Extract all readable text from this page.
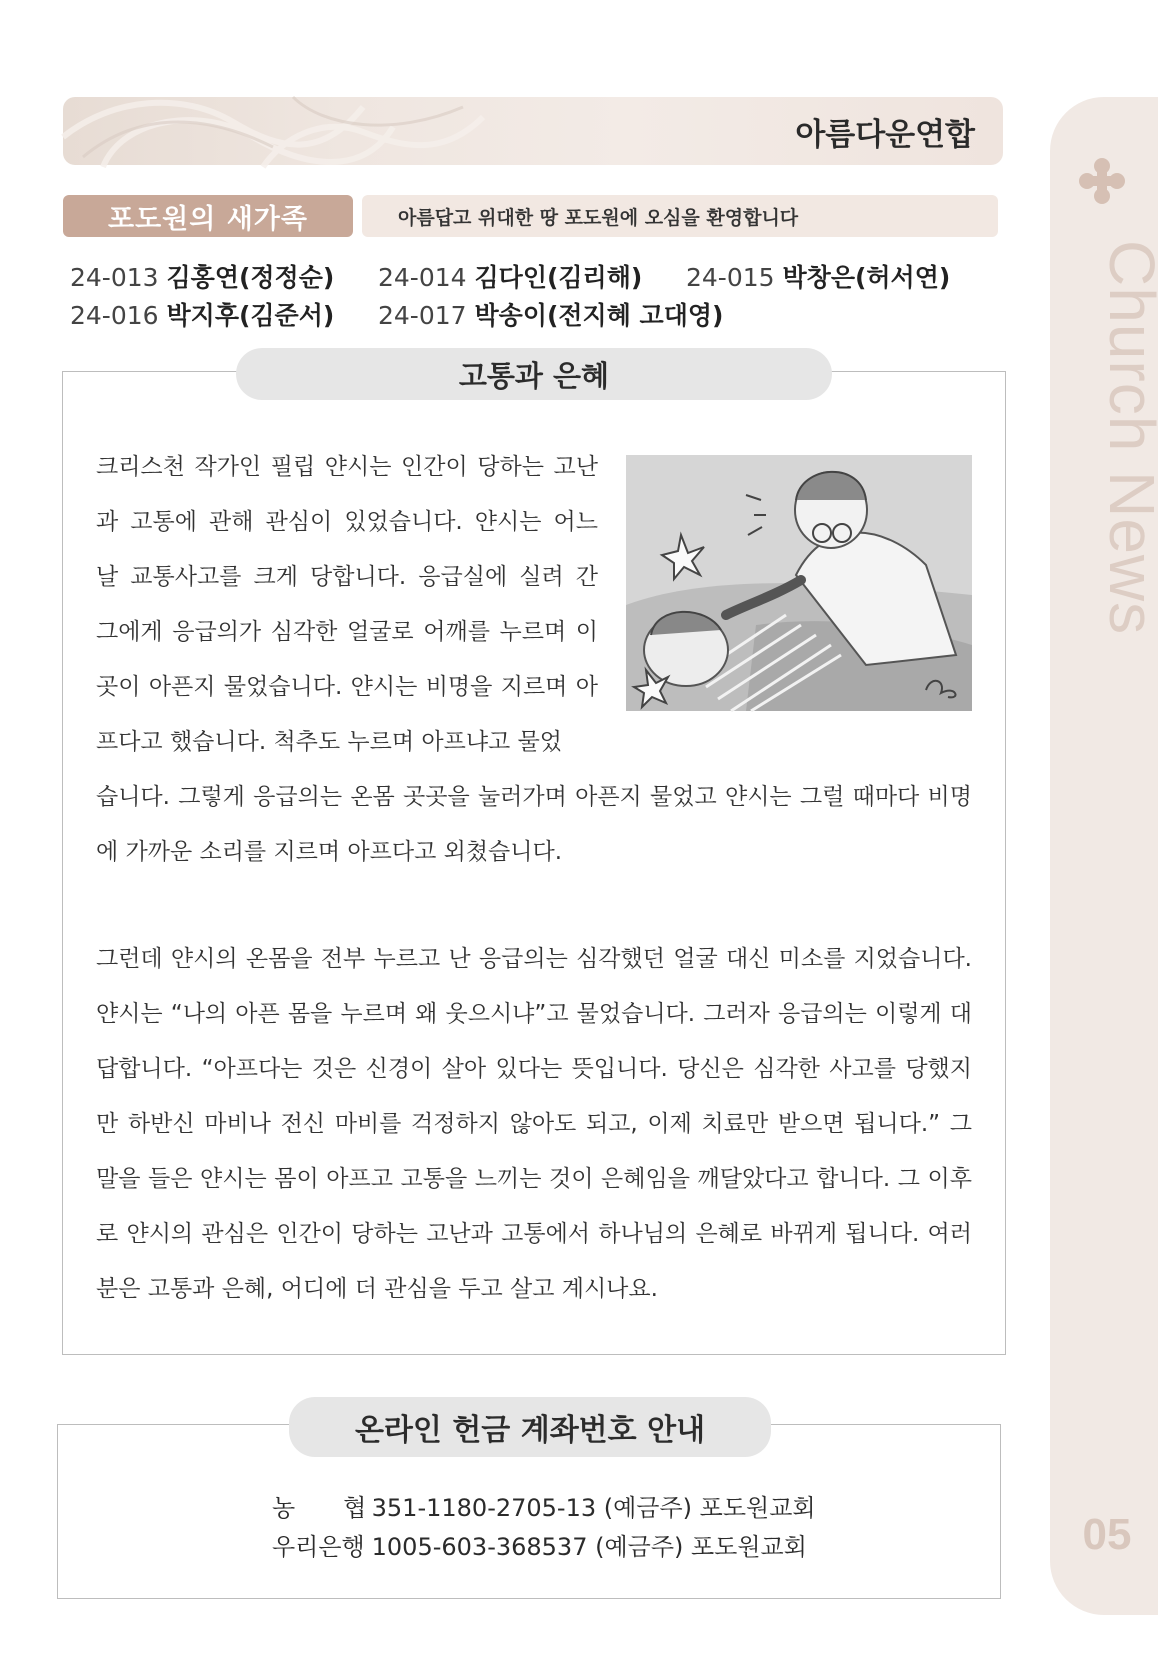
Church News
05
아름다운연합
포도원의 새가족	아름답고 위대한 땅 포도원에 오심을 환영합니다
24-013 김홍연(정정순) 24-014 김다인(김리해) 24-015 박창은(허서연)
24-016 박지후(김준서) 24-017 박송이(전지혜 고대영)
고통과 은혜
크리스천 작가인 필립 얀시는 인간이 당하는 고난과 고통에 관해 관심이 있었습니다. 얀시는 어느 날 교통사고를 크게 당합니다. 응급실에 실려 간 그에게 응급의가 심각한 얼굴로 어깨를 누르며 이곳이 아픈지 물었습니다. 얀시는 비명을 지르며 아프다고 했습니다. 척추도 누르며 아프냐고 물었
습니다. 그렇게 응급의는 온몸 곳곳을 눌러가며 아픈지 물었고 얀시는 그럴 때마다 비명에 가까운 소리를 지르며 아프다고 외쳤습니다.
그런데 얀시의 온몸을 전부 누르고 난 응급의는 심각했던 얼굴 대신 미소를 지었습니다. 얀시는 “나의 아픈 몸을 누르며 왜 웃으시냐”고 물었습니다. 그러자 응급의는 이렇게 대답합니다. “아프다는 것은 신경이 살아 있다는 뜻입니다. 당신은 심각한 사고를 당했지만 하반신 마비나 전신 마비를 걱정하지 않아도 되고, 이제 치료만 받으면 됩니다.” 그 말을 들은 얀시는 몸이 아프고 고통을 느끼는 것이 은혜임을 깨달았다고 합니다. 그 이후로 얀시의 관심은 인간이 당하는 고난과 고통에서 하나님의 은혜로 바뀌게 됩니다. 여러분은 고통과 은혜, 어디에 더 관심을 두고 살고 계시나요.
온라인 헌금 계좌번호 안내
농　　협 351-1180-2705-13 (예금주) 포도원교회
우리은행 1005-603-368537 (예금주) 포도원교회
